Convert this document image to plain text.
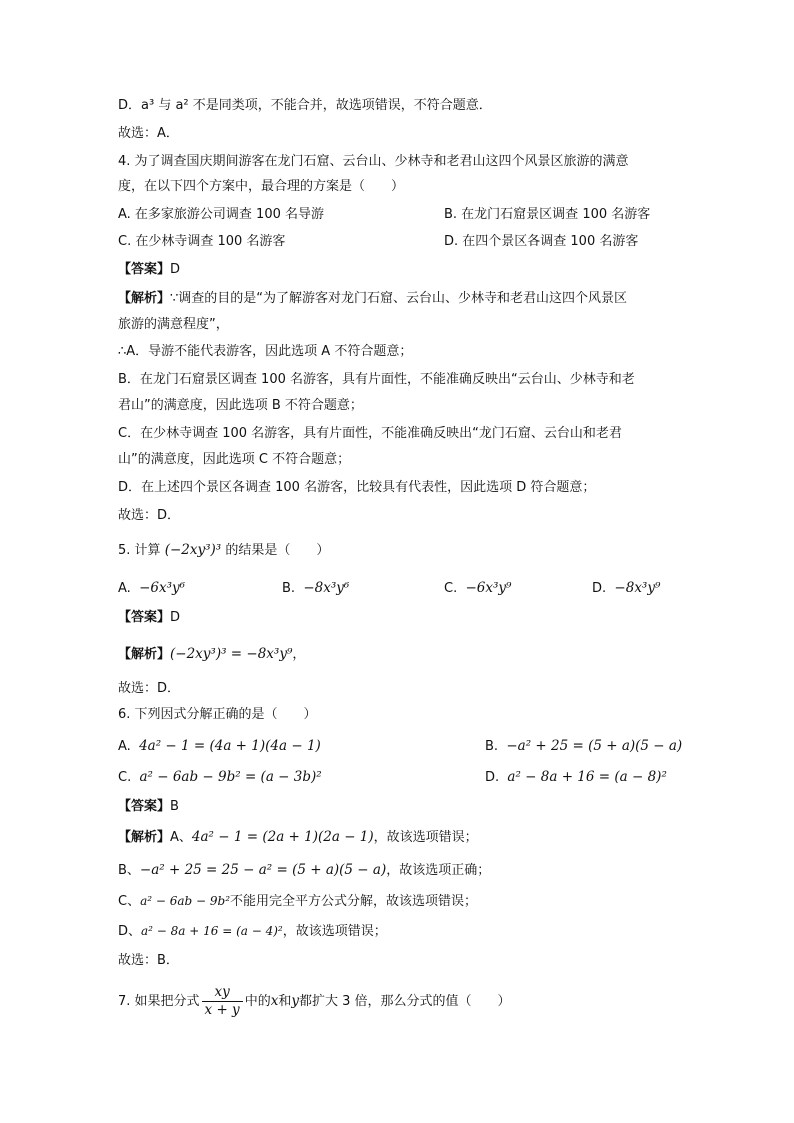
D．a³ 与 a² 不是同类项，不能合并，故选项错误，不符合题意．
故选：A．
4. 为了调查国庆期间游客在龙门石窟、云台山、少林寺和老君山这四个风景区旅游的满意
度，在以下四个方案中，最合理的方案是（　　）
A. 在多家旅游公司调查 100 名导游	B. 在龙门石窟景区调查 100 名游客
C. 在少林寺调查 100 名游客	D. 在四个景区各调查 100 名游客
【答案】D
【解析】∵调查的目的是“为了解游客对龙门石窟、云台山、少林寺和老君山这四个风景区
旅游的满意程度”，
∴A．导游不能代表游客，因此选项 A 不符合题意；
B．在龙门石窟景区调查 100 名游客，具有片面性，不能准确反映出“云台山、少林寺和老
君山”的满意度，因此选项 B 不符合题意；
C．在少林寺调查 100 名游客，具有片面性，不能准确反映出“龙门石窟、云台山和老君
山”的满意度，因此选项 C 不符合题意；
D．在上述四个景区各调查 100 名游客，比较具有代表性，因此选项 D 符合题意；
故选：D．
5. 计算 (−2xy³)³ 的结果是（　　）
A. −6x³y⁶	B. −8x³y⁶	C. −6x³y⁹	D. −8x³y⁹
【答案】D
【解析】(−2xy³)³ = −8x³y⁹，
故选：D．
6. 下列因式分解正确的是（　　）
A. 4a² − 1 = (4a + 1)(4a − 1)	B. −a² + 25 = (5 + a)(5 − a)
C. a² − 6ab − 9b² = (a − 3b)²	D. a² − 8a + 16 = (a − 8)²
【答案】B
【解析】A、4a² − 1 = (2a + 1)(2a − 1)，故该选项错误；
B、−a² + 25 = 25 − a² = (5 + a)(5 − a)，故该选项正确；
C、a² − 6ab − 9b²不能用完全平方公式分解，故该选项错误；
D、a² − 8a + 16 = (a − 4)²，故该选项错误；
故选：B．
7. 如果把分式 $\frac{xy}{x + y}$ 中的x和y都扩大 3 倍，那么分式的值（　　）
